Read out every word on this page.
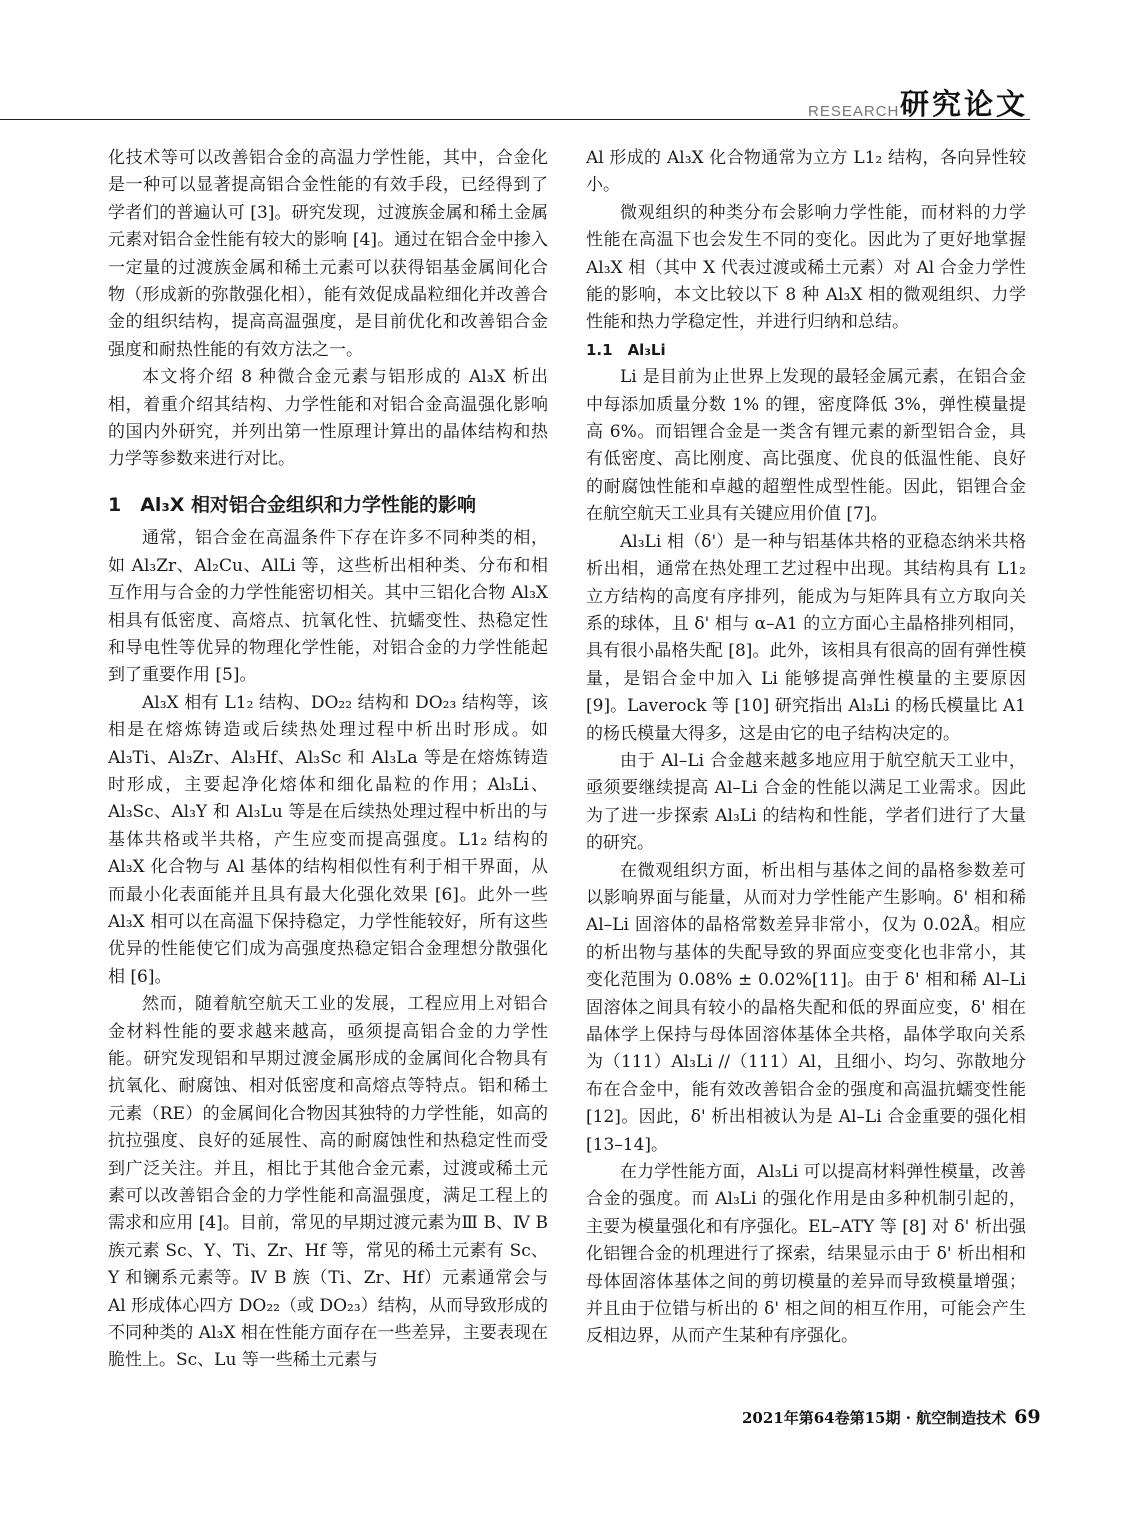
RESEARCH 研究论文

化技术等可以改善铝合金的高温力学性能，其中，合金化是一种可以显著提高铝合金性能的有效手段，已经得到了学者们的普遍认可 [3]。研究发现，过渡族金属和稀土金属元素对铝合金性能有较大的影响 [4]。通过在铝合金中掺入一定量的过渡族金属和稀土元素可以获得铝基金属间化合物（形成新的弥散强化相），能有效促成晶粒细化并改善合金的组织结构，提高高温强度，是目前优化和改善铝合金强度和耐热性能的有效方法之一。

本文将介绍 8 种微合金元素与铝形成的 Al₃X 析出相，着重介绍其结构、力学性能和对铝合金高温强化影响的国内外研究，并列出第一性原理计算出的晶体结构和热力学等参数来进行对比。

1　Al₃X 相对铝合金组织和力学性能的影响

通常，铝合金在高温条件下存在许多不同种类的相，如 Al₃Zr、Al₂Cu、AlLi 等，这些析出相种类、分布和相互作用与合金的力学性能密切相关。其中三铝化合物 Al₃X 相具有低密度、高熔点、抗氧化性、抗蠕变性、热稳定性和导电性等优异的物理化学性能，对铝合金的力学性能起到了重要作用 [5]。

Al₃X 相有 L1₂ 结构、DO₂₂ 结构和 DO₂₃ 结构等，该相是在熔炼铸造或后续热处理过程中析出时形成。如 Al₃Ti、Al₃Zr、Al₃Hf、Al₃Sc 和 Al₃La 等是在熔炼铸造时形成，主要起净化熔体和细化晶粒的作用；Al₃Li、Al₃Sc、Al₃Y 和 Al₃Lu 等是在后续热处理过程中析出的与基体共格或半共格，产生应变而提高强度。L1₂ 结构的 Al₃X 化合物与 Al 基体的结构相似性有利于相干界面，从而最小化表面能并且具有最大化强化效果 [6]。此外一些 Al₃X 相可以在高温下保持稳定，力学性能较好，所有这些优异的性能使它们成为高强度热稳定铝合金理想分散强化相 [6]。

然而，随着航空航天工业的发展，工程应用上对铝合金材料性能的要求越来越高，亟须提高铝合金的力学性能。研究发现铝和早期过渡金属形成的金属间化合物具有抗氧化、耐腐蚀、相对低密度和高熔点等特点。铝和稀土元素（RE）的金属间化合物因其独特的力学性能，如高的抗拉强度、良好的延展性、高的耐腐蚀性和热稳定性而受到广泛关注。并且，相比于其他合金元素，过渡或稀土元素可以改善铝合金的力学性能和高温强度，满足工程上的需求和应用 [4]。目前，常见的早期过渡元素为Ⅲ B、Ⅳ B 族元素 Sc、Y、Ti、Zr、Hf 等，常见的稀土元素有 Sc、Y 和镧系元素等。Ⅳ B 族（Ti、Zr、Hf）元素通常会与 Al 形成体心四方 DO₂₂（或 DO₂₃）结构，从而导致形成的不同种类的 Al₃X 相在性能方面存在一些差异，主要表现在脆性上。Sc、Lu 等一些稀土元素与

Al 形成的 Al₃X 化合物通常为立方 L1₂ 结构，各向异性较小。

微观组织的种类分布会影响力学性能，而材料的力学性能在高温下也会发生不同的变化。因此为了更好地掌握 Al₃X 相（其中 X 代表过渡或稀土元素）对 Al 合金力学性能的影响，本文比较以下 8 种 Al₃X 相的微观组织、力学性能和热力学稳定性，并进行归纳和总结。

1.1　Al₃Li

Li 是目前为止世界上发现的最轻金属元素，在铝合金中每添加质量分数 1% 的锂，密度降低 3%，弹性模量提高 6%。而铝锂合金是一类含有锂元素的新型铝合金，具有低密度、高比刚度、高比强度、优良的低温性能、良好的耐腐蚀性能和卓越的超塑性成型性能。因此，铝锂合金在航空航天工业具有关键应用价值 [7]。

Al₃Li 相（δ'）是一种与铝基体共格的亚稳态纳米共格析出相，通常在热处理工艺过程中出现。其结构具有 L1₂ 立方结构的高度有序排列，能成为与矩阵具有立方取向关系的球体，且 δ' 相与 α–A1 的立方面心主晶格排列相同，具有很小晶格失配 [8]。此外，该相具有很高的固有弹性模量，是铝合金中加入 Li 能够提高弹性模量的主要原因 [9]。Laverock 等 [10] 研究指出 Al₃Li 的杨氏模量比 A1 的杨氏模量大得多，这是由它的电子结构决定的。

由于 Al–Li 合金越来越多地应用于航空航天工业中，亟须要继续提高 Al–Li 合金的性能以满足工业需求。因此为了进一步探索 Al₃Li 的结构和性能，学者们进行了大量的研究。

在微观组织方面，析出相与基体之间的晶格参数差可以影响界面与能量，从而对力学性能产生影响。δ' 相和稀 Al–Li 固溶体的晶格常数差异非常小，仅为 0.02Å。相应的析出物与基体的失配导致的界面应变变化也非常小，其变化范围为 0.08% ± 0.02%[11]。由于 δ' 相和稀 Al–Li 固溶体之间具有较小的晶格失配和低的界面应变，δ' 相在晶体学上保持与母体固溶体基体全共格，晶体学取向关系为（111）Al₃Li //（111）Al，且细小、均匀、弥散地分布在合金中，能有效改善铝合金的强度和高温抗蠕变性能 [12]。因此，δ' 析出相被认为是 Al–Li 合金重要的强化相 [13–14]。

在力学性能方面，Al₃Li 可以提高材料弹性模量，改善合金的强度。而 Al₃Li 的强化作用是由多种机制引起的，主要为模量强化和有序强化。EL–ATY 等 [8] 对 δ' 析出强化铝锂合金的机理进行了探索，结果显示由于 δ' 析出相和母体固溶体基体之间的剪切模量的差异而导致模量增强；并且由于位错与析出的 δ' 相之间的相互作用，可能会产生反相边界，从而产生某种有序强化。

2021年第64卷第15期 · 航空制造技术 69
